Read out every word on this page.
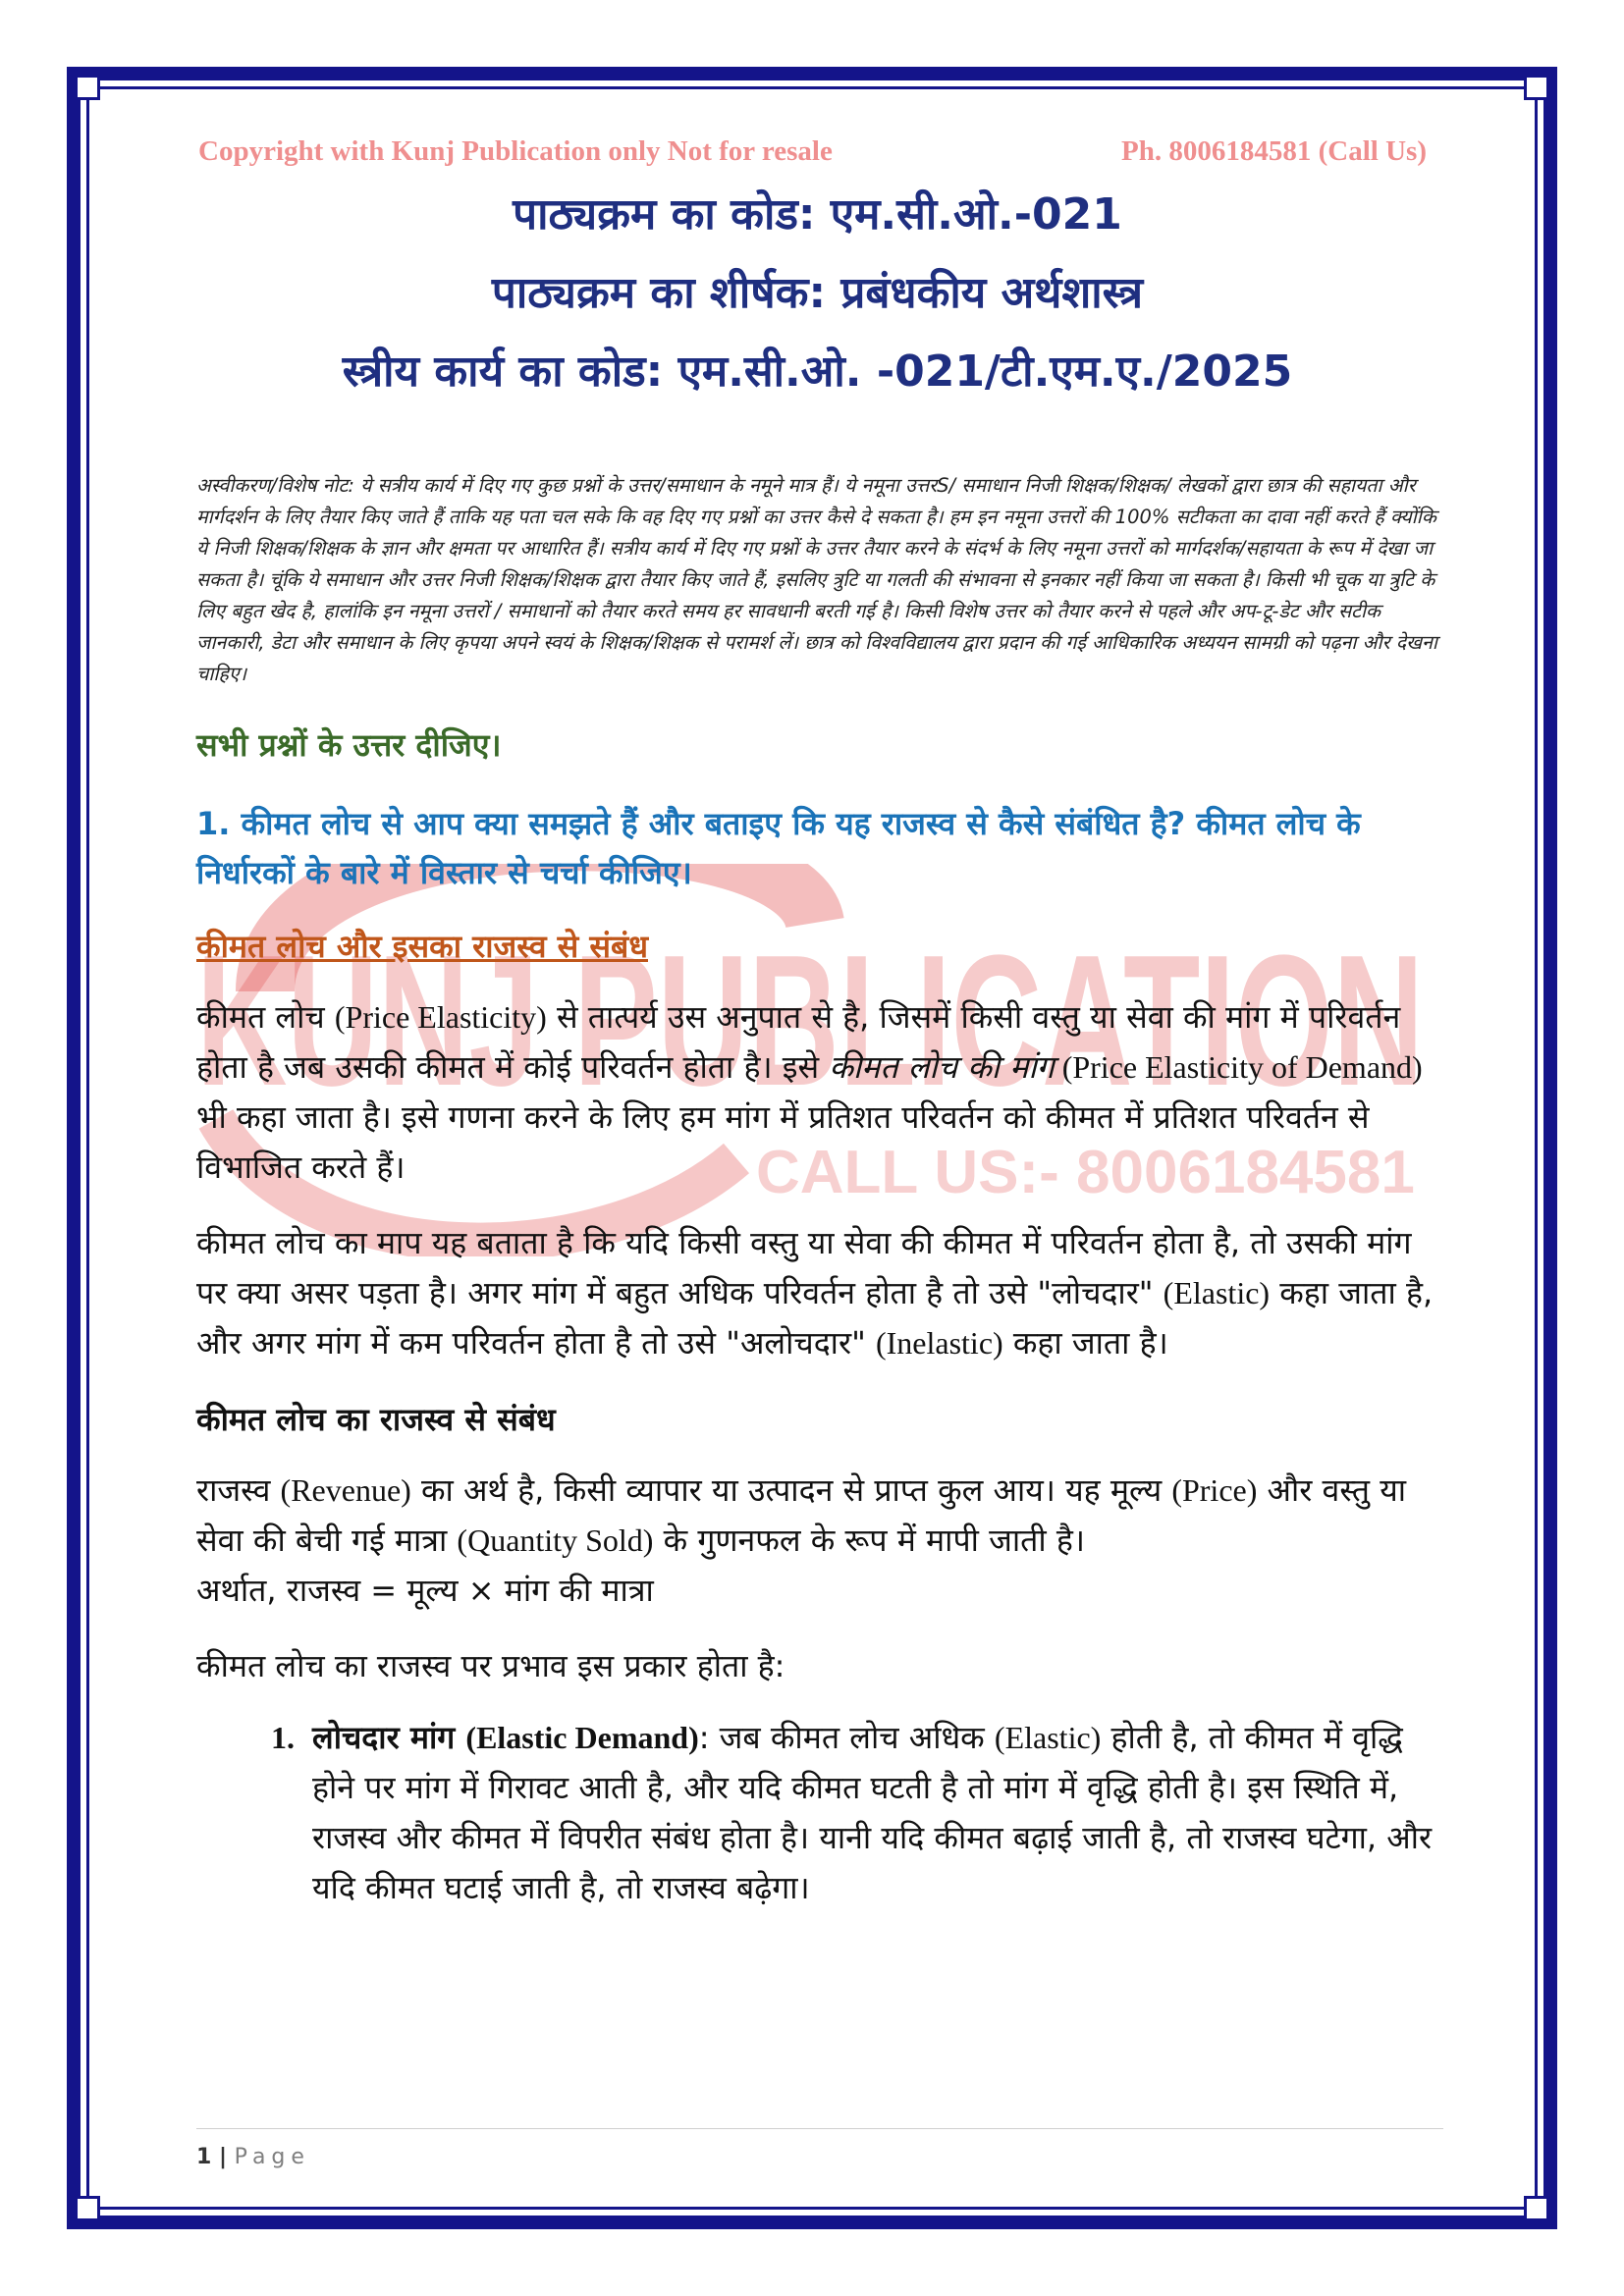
KUNJ PUBLICATION
CALL US:- 8006184581
Copyright with Kunj Publication only Not for resale	Ph. 8006184581 (Call Us)
पाठ्यक्रम का कोड: एम.सी.ओ.-021
पाठ्यक्रम का शीर्षक: प्रबंधकीय अर्थशास्त्र
स्त्रीय कार्य का कोड: एम.सी.ओ. -021/टी.एम.ए./2025
अस्वीकरण/विशेष नोट: ये सत्रीय कार्य में दिए गए कुछ प्रश्नों के उत्तर/समाधान के नमूने मात्र हैं। ये नमूना उत्तरS/ समाधान निजी शिक्षक/शिक्षक/ लेखकों द्वारा छात्र की सहायता और मार्गदर्शन के लिए तैयार किए जाते हैं ताकि यह पता चल सके कि वह दिए गए प्रश्नों का उत्तर कैसे दे सकता है। हम इन नमूना उत्तरों की 100% सटीकता का दावा नहीं करते हैं क्योंकि ये निजी शिक्षक/शिक्षक के ज्ञान और क्षमता पर आधारित हैं। सत्रीय कार्य में दिए गए प्रश्नों के उत्तर तैयार करने के संदर्भ के लिए नमूना उत्तरों को मार्गदर्शक/सहायता के रूप में देखा जा सकता है। चूंकि ये समाधान और उत्तर निजी शिक्षक/शिक्षक द्वारा तैयार किए जाते हैं, इसलिए त्रुटि या गलती की संभावना से इनकार नहीं किया जा सकता है। किसी भी चूक या त्रुटि के लिए बहुत खेद है, हालांकि इन नमूना उत्तरों / समाधानों को तैयार करते समय हर सावधानी बरती गई है। किसी विशेष उत्तर को तैयार करने से पहले और अप-टू-डेट और सटीक जानकारी, डेटा और समाधान के लिए कृपया अपने स्वयं के शिक्षक/शिक्षक से परामर्श लें। छात्र को विश्वविद्यालय द्वारा प्रदान की गई आधिकारिक अध्ययन सामग्री को पढ़ना और देखना चाहिए।
सभी प्रश्नों के उत्तर दीजिए।
1. कीमत लोच से आप क्या समझते हैं और बताइए कि यह राजस्व से कैसे संबंधित है? कीमत लोच के निर्धारकों के बारे में विस्तार से चर्चा कीजिए।
कीमत लोच और इसका राजस्व से संबंध
कीमत लोच (Price Elasticity) से तात्पर्य उस अनुपात से है, जिसमें किसी वस्तु या सेवा की मांग में परिवर्तन होता है जब उसकी कीमत में कोई परिवर्तन होता है। इसे कीमत लोच की मांग (Price Elasticity of Demand) भी कहा जाता है। इसे गणना करने के लिए हम मांग में प्रतिशत परिवर्तन को कीमत में प्रतिशत परिवर्तन से विभाजित करते हैं।
कीमत लोच का माप यह बताता है कि यदि किसी वस्तु या सेवा की कीमत में परिवर्तन होता है, तो उसकी मांग पर क्या असर पड़ता है। अगर मांग में बहुत अधिक परिवर्तन होता है तो उसे "लोचदार" (Elastic) कहा जाता है, और अगर मांग में कम परिवर्तन होता है तो उसे "अलोचदार" (Inelastic) कहा जाता है।
कीमत लोच का राजस्व से संबंध
राजस्व (Revenue) का अर्थ है, किसी व्यापार या उत्पादन से प्राप्त कुल आय। यह मूल्य (Price) और वस्तु या सेवा की बेची गई मात्रा (Quantity Sold) के गुणनफल के रूप में मापी जाती है।
अर्थात, राजस्व = मूल्य × मांग की मात्रा
कीमत लोच का राजस्व पर प्रभाव इस प्रकार होता है:
1. लोचदार मांग (Elastic Demand): जब कीमत लोच अधिक (Elastic) होती है, तो कीमत में वृद्धि होने पर मांग में गिरावट आती है, और यदि कीमत घटती है तो मांग में वृद्धि होती है। इस स्थिति में, राजस्व और कीमत में विपरीत संबंध होता है। यानी यदि कीमत बढ़ाई जाती है, तो राजस्व घटेगा, और यदि कीमत घटाई जाती है, तो राजस्व बढ़ेगा।
1 | Page
